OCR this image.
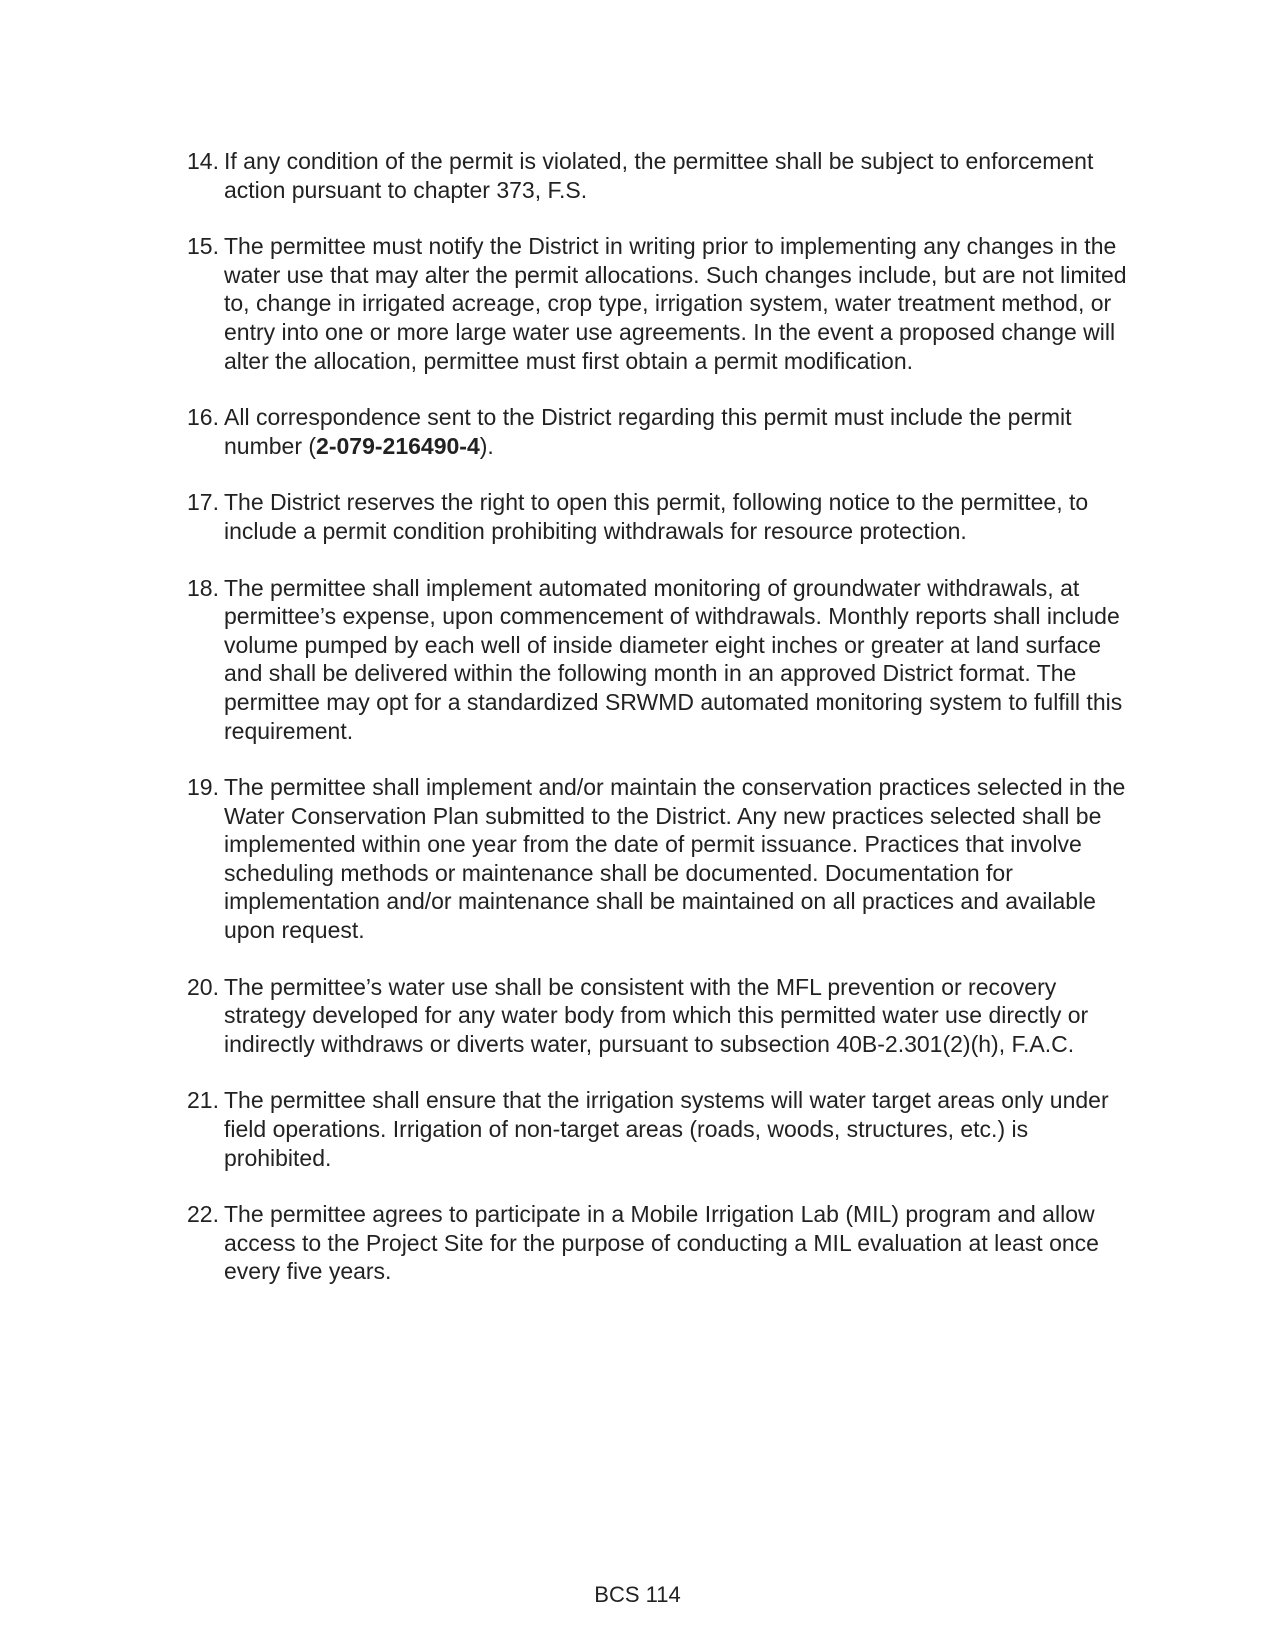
14. If any condition of the permit is violated, the permittee shall be subject to enforcement action pursuant to chapter 373, F.S.
15. The permittee must notify the District in writing prior to implementing any changes in the water use that may alter the permit allocations. Such changes include, but are not limited to, change in irrigated acreage, crop type, irrigation system, water treatment method, or entry into one or more large water use agreements. In the event a proposed change will alter the allocation, permittee must first obtain a permit modification.
16. All correspondence sent to the District regarding this permit must include the permit number (2-079-216490-4).
17. The District reserves the right to open this permit, following notice to the permittee, to include a permit condition prohibiting withdrawals for resource protection.
18. The permittee shall implement automated monitoring of groundwater withdrawals, at permittee’s expense, upon commencement of withdrawals. Monthly reports shall include volume pumped by each well of inside diameter eight inches or greater at land surface and shall be delivered within the following month in an approved District format. The permittee may opt for a standardized SRWMD automated monitoring system to fulfill this requirement.
19. The permittee shall implement and/or maintain the conservation practices selected in the Water Conservation Plan submitted to the District. Any new practices selected shall be implemented within one year from the date of permit issuance. Practices that involve scheduling methods or maintenance shall be documented. Documentation for implementation and/or maintenance shall be maintained on all practices and available upon request.
20. The permittee’s water use shall be consistent with the MFL prevention or recovery strategy developed for any water body from which this permitted water use directly or indirectly withdraws or diverts water, pursuant to subsection 40B-2.301(2)(h), F.A.C.
21. The permittee shall ensure that the irrigation systems will water target areas only under field operations. Irrigation of non-target areas (roads, woods, structures, etc.) is prohibited.
22. The permittee agrees to participate in a Mobile Irrigation Lab (MIL) program and allow access to the Project Site for the purpose of conducting a MIL evaluation at least once every five years.
BCS 114
